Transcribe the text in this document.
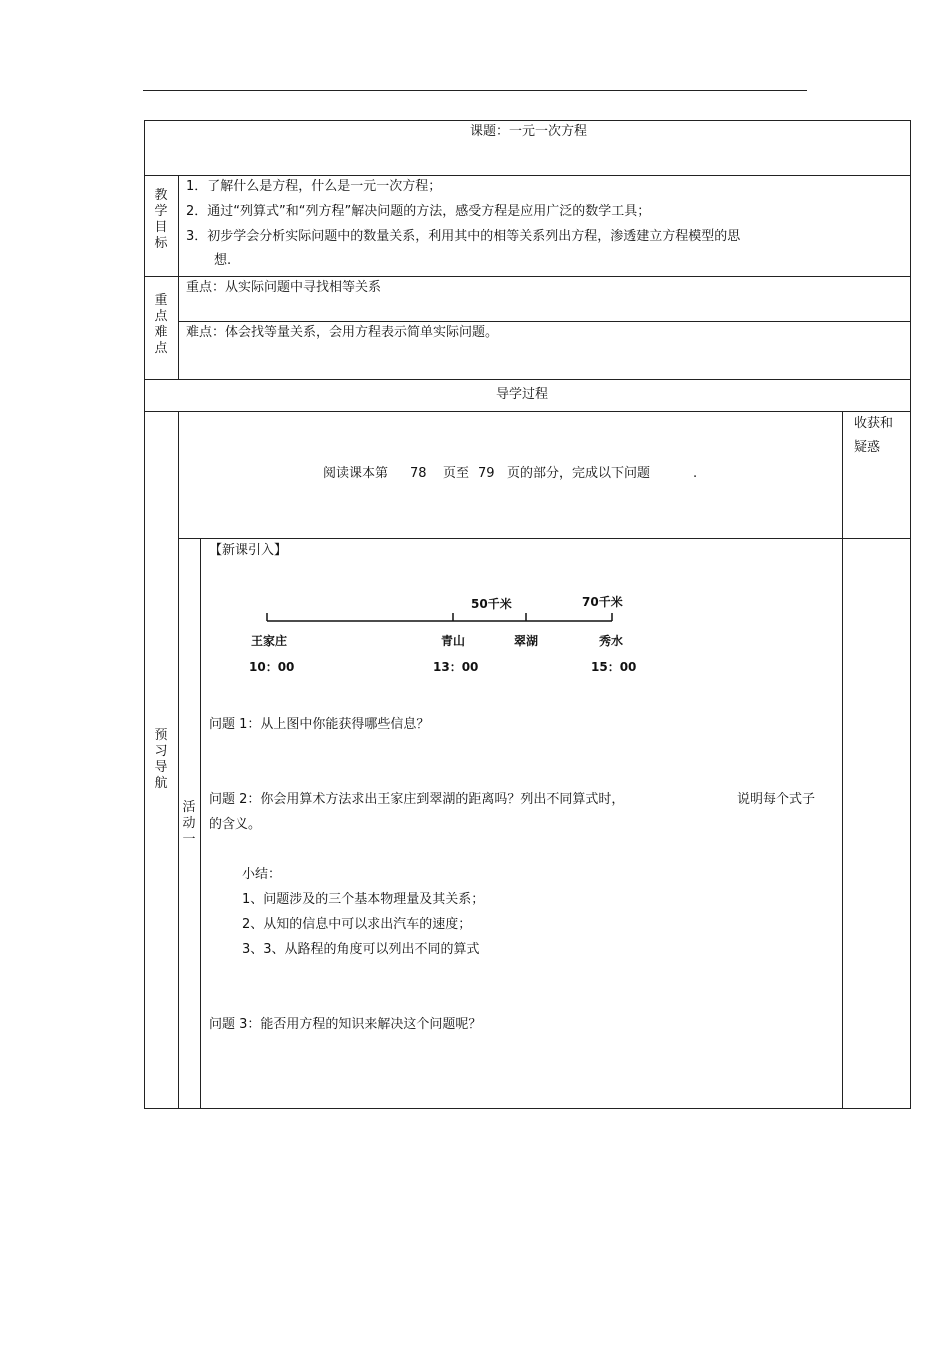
课题：一元一次方程
教学目标
1．了解什么是方程，什么是一元一次方程；
2．通过“列算式”和“列方程”解决问题的方法，感受方程是应用广泛的数学工具；
3．初步学会分析实际问题中的数量关系，利用其中的相等关系列出方程，渗透建立方程模型的思
想.
重点难点
重点：从实际问题中寻找相等关系
难点：体会找等量关系，会用方程表示简单实际问题。
导学过程
预习导航
收获和
疑惑
阅读课本第 78 页至 79 页的部分，完成以下问题	.
活动一
【新课引入】
50千米	70千米
王家庄	青山	翠湖	秀水
10：00	13：00	15：00
问题 1：从上图中你能获得哪些信息？
问题 2：你会用算术方法求出王家庄到翠湖的距离吗？列出不同算式时，	说明每个式子
的含义。
小结：
1、问题涉及的三个基本物理量及其关系；
2、从知的信息中可以求出汽车的速度；
3、3、从路程的角度可以列出不同的算式
问题 3：能否用方程的知识来解决这个问题呢？
